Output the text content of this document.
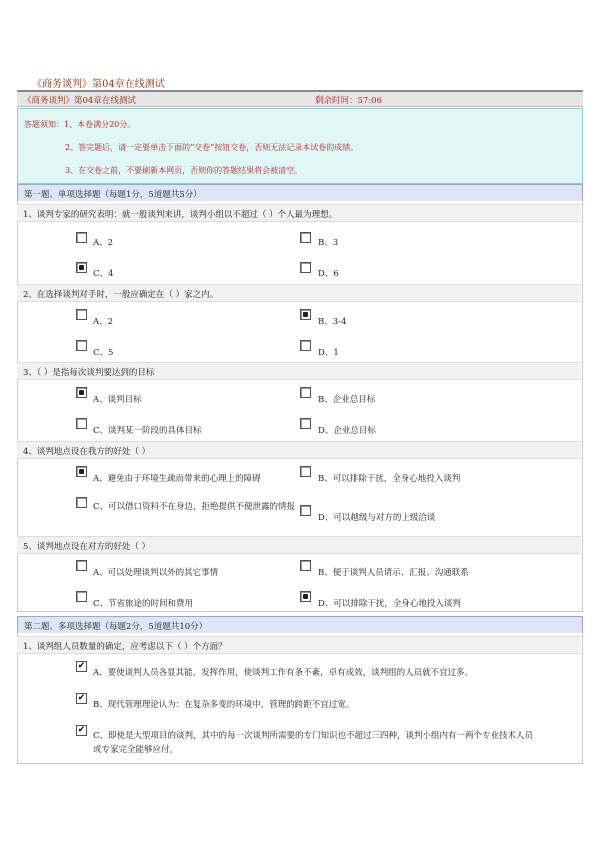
《商务谈判》第04章在线测试
《商务谈判》第04章在线测试	剩余时间：57:06
答题须知：1、本卷满分20分。
2、答完题后，请一定要单击下面的“交卷”按钮交卷，否则无法记录本试卷的成绩。
3、在交卷之前，不要刷新本网页，否则你的答题结果将会被清空。
第一题、单项选择题（每题1分，5道题共5分）
1、谈判专家的研究表明：就一般谈判来讲，谈判小组以不超过（ ）个人最为理想。
A、2	B、3
C、4	D、6
2、在选择谈判对手时，一般应确定在（ ）家之内。
A、2	B、3-4
C、5	D、1
3、（ ）是指每次谈判要达到的目标
A、谈判目标	B、企业总目标
C、谈判某一阶段的具体目标	D、企业总目标
4、谈判地点设在我方的好处（ ）
A、避免由于环境生疏而带来的心理上的障碍	B、可以排除干扰，全身心地投入谈判
C、可以借口资料不在身边，拒绝提供不便泄露的情报
D、可以越级与对方的上级洽谈
5、谈判地点设在对方的好处（ ）
A、可以处理谈判以外的其它事情	B、便于谈判人员请示、汇报、沟通联系
C、节省旅途的时间和费用	D、可以排除干扰，全身心地投入谈判
第二题、多项选择题（每题2分，5道题共10分）
1、谈判组人员数量的确定，应考虑以下（ ）个方面？
✔
A、要使谈判人员各显其能，发挥作用，使谈判工作有条不紊，卓有成效，谈判组的人员就不宜过多。
✔
B、现代管理理论认为：在复杂多变的环境中，管理的跨距不宜过宽。
✔
C、即使是大型项目的谈判，其中的每一次谈判所需要的专门知识也不超过三四种，谈判小组内有一两个专业技术人员或专家完全能够应付。
